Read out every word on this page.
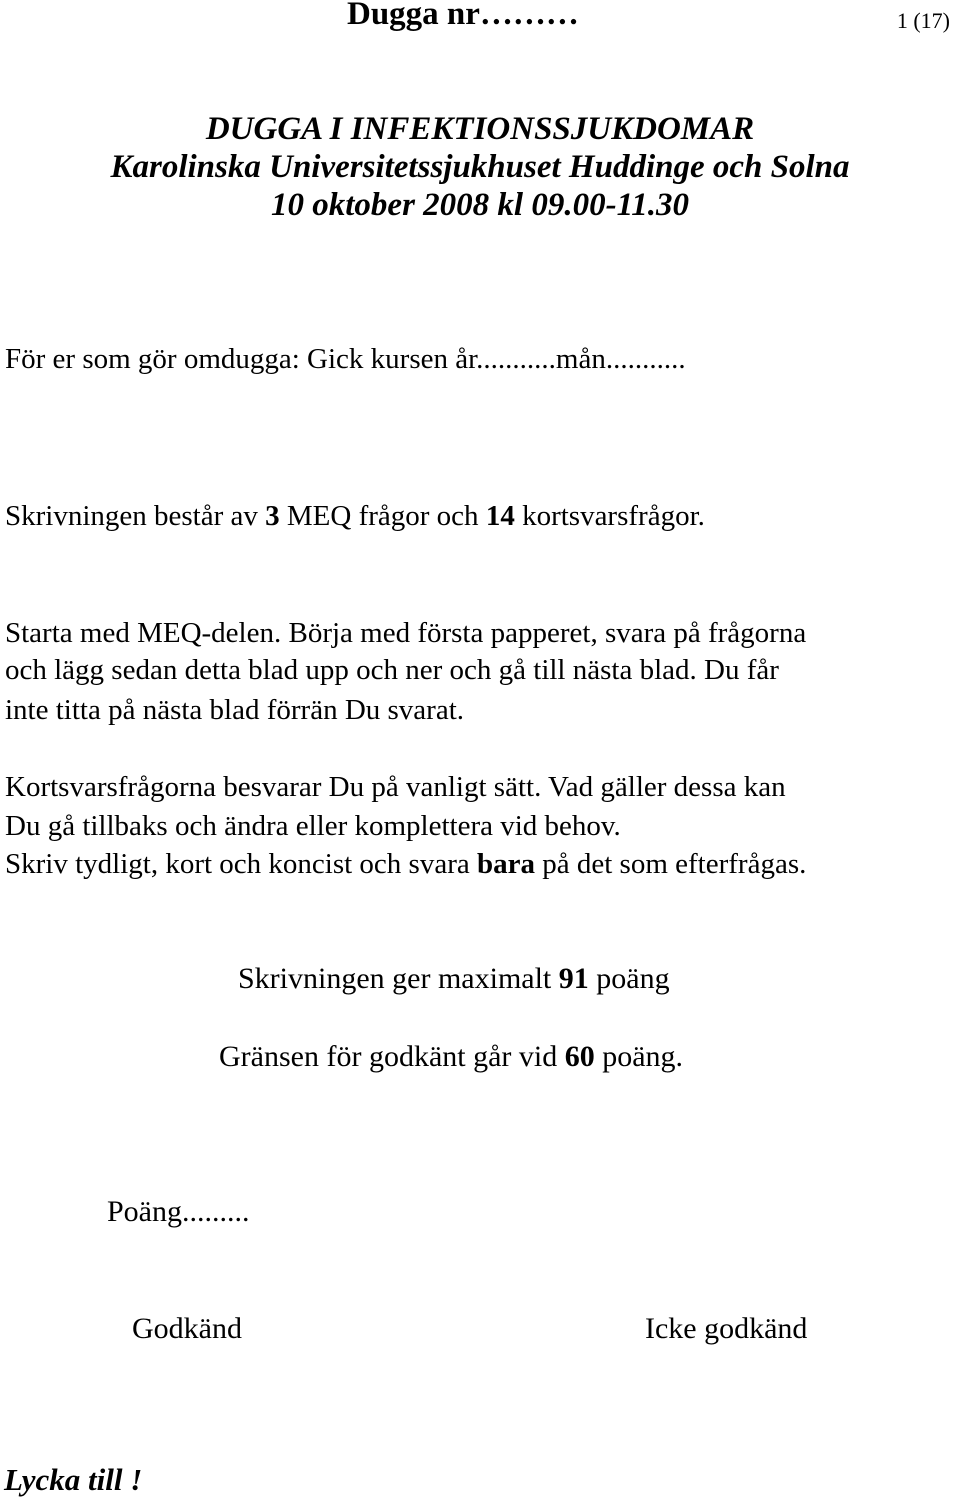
Dugga nr………	1 (17)
DUGGA I INFEKTIONSSJUKDOMAR
Karolinska Universitetssjukhuset Huddinge och Solna
10 oktober 2008 kl 09.00-11.30
För er som gör omdugga: Gick kursen år...........mån...........
Skrivningen består av 3 MEQ frågor och 14 kortsvarsfrågor.
Starta med MEQ-delen. Börja med första papperet, svara på frågorna
och lägg sedan detta blad upp och ner och gå till nästa blad. Du får
inte titta på nästa blad förrän Du svarat.
Kortsvarsfrågorna besvarar Du på vanligt sätt. Vad gäller dessa kan
Du gå tillbaks och ändra eller komplettera vid behov.
Skriv tydligt, kort och koncist och svara bara på det som efterfrågas.
Skrivningen ger maximalt 91 poäng
Gränsen för godkänt går vid 60 poäng.
Poäng.........
Godkänd	Icke godkänd
Lycka till !
